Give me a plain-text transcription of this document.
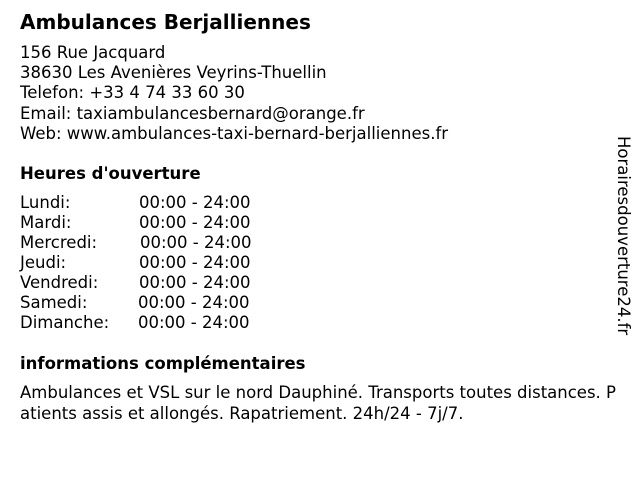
Ambulances Berjalliennes
156 Rue Jacquard
38630 Les Avenières Veyrins-Thuellin
Telefon: +33 4 74 33 60 30
Email: taxiambulancesbernard@orange.fr
Web: www.ambulances-taxi-bernard-berjalliennes.fr
Heures d'ouverture
Lundi:	00:00 - 24:00
Mardi:	00:00 - 24:00
Mercredi:	00:00 - 24:00
Jeudi:	00:00 - 24:00
Vendredi: 00:00 - 24:00
Samedi:	00:00 - 24:00
Dimanche: 00:00 - 24:00
informations complémentaires
Ambulances et VSL sur le nord Dauphiné. Transports toutes distances. Patients assis et allongés. Rapatriement. 24h/24 - 7j/7.
Horairesdouverture24.fr
